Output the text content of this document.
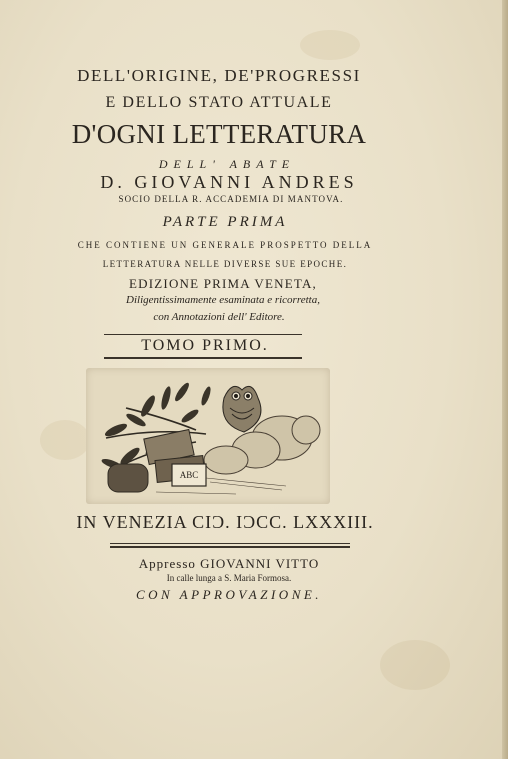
DELL'ORIGINE, DE'PROGRESSI
E DELLO STATO ATTUALE
D'OGNI LETTERATURA
DELL' ABATE
D. GIOVANNI ANDRES
SOCIO DELLA R. ACCADEMIA DI MANTOVA.
PARTE PRIMA
CHE CONTIENE UN GENERALE PROSPETTO DELLA
LETTERATURA NELLE DIVERSE SUE EPOCHE.
EDIZIONE PRIMA VENETA,
Diligentissimamente esaminata e ricorretta,
con Annotazioni dell' Editore.
TOMO PRIMO.
ABC
IN VENEZIA CIƆ. IƆCC. LXXXIII.
Appresso GIOVANNI VITTO
In calle lunga a S. Maria Formosa.
CON APPROVAZIONE.
